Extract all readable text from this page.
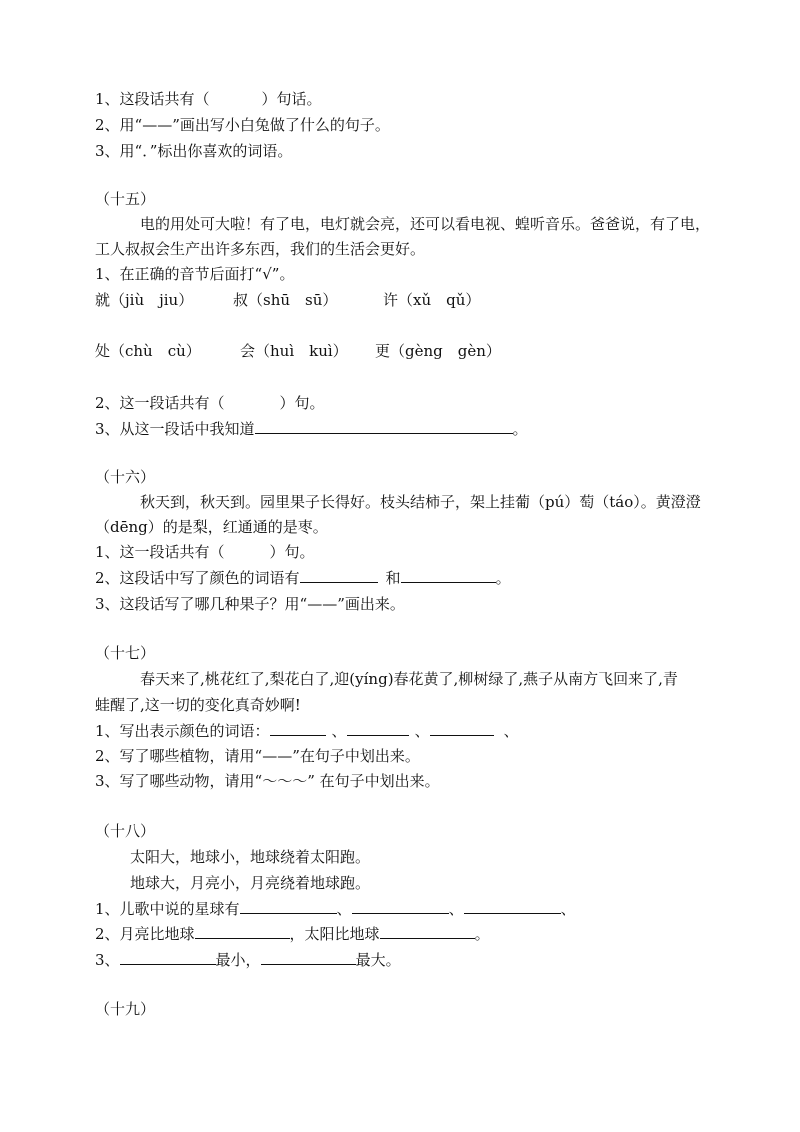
1、这段话共有（	）句话。
2、用“——”画出写小白兔做了什么的句子。
3、用“．”标出你喜欢的词语。
（十五）
电的用处可大啦！有了电，电灯就会亮，还可以看电视、蝗听音乐。爸爸说，有了电，
工人叔叔会生产出许多东西，我们的生活会更好。
1、在正确的音节后面打“√”。
就（jiù　jiu）	叔（shū　sū）	许（xǔ　qǔ）
处（chù　cù）	会（huì　kuì） 更（gèng　gèn）
2、这一段话共有（	）句。
3、从这一段话中我知道	。
（十六）
秋天到，秋天到。园里果子长得好。枝头结柿子，架上挂葡（pú）萄（táo）。黄澄澄
（dēng）的是梨，红通通的是枣。
1、这一段话共有（	）句。
2、这段话中写了颜色的词语有	和	。
3、这段话写了哪几种果子？用“——”画出来。
（十七）
春天来了,桃花红了,梨花白了,迎(yíng)春花黄了,柳树绿了,燕子从南方飞回来了,青
蛙醒了,这一切的变化真奇妙啊!
1、写出表示颜色的词语：	、	、	、
2、写了哪些植物，请用“——”在句子中划出来。
3、写了哪些动物，请用“～～～” 在句子中划出来。
（十八）
太阳大，地球小，地球绕着太阳跑。
地球大，月亮小，月亮绕着地球跑。
1、儿歌中说的星球有	、	、	、
2、月亮比地球	，太阳比地球	。
3、	最小，	最大。
（十九）
